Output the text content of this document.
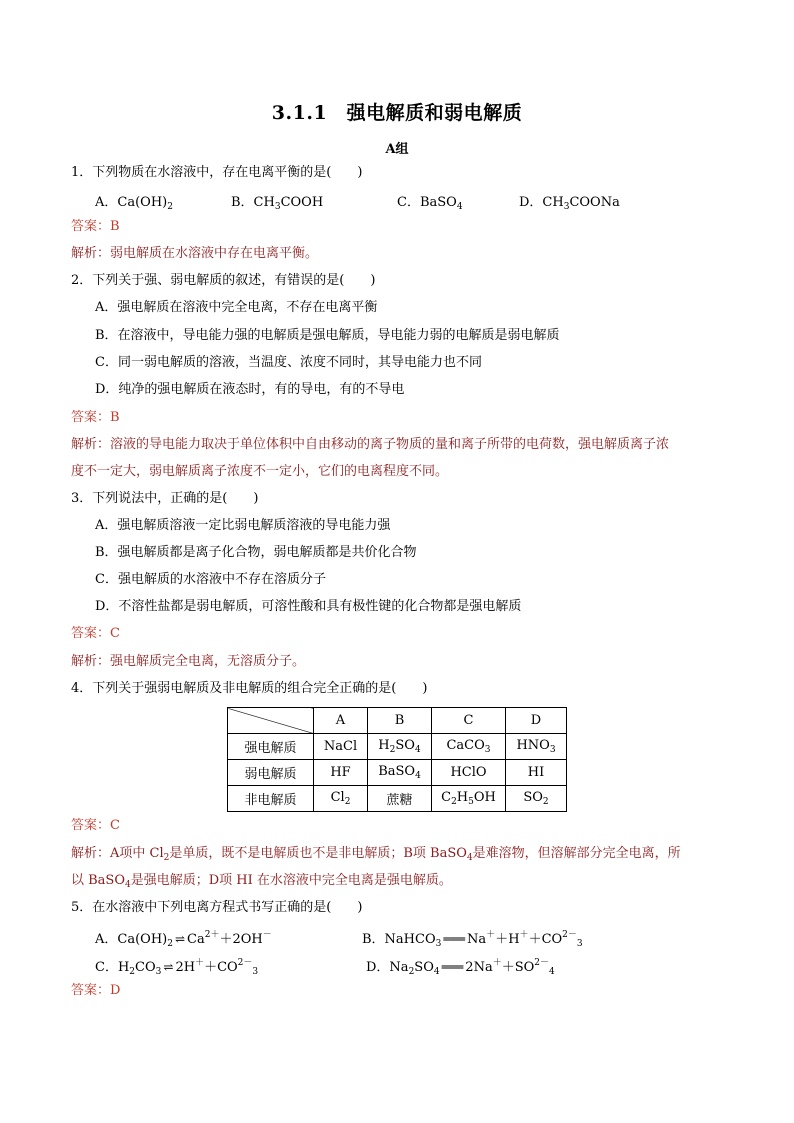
3.1.1　强电解质和弱电解质
A组
1．下列物质在水溶液中，存在电离平衡的是(　　)
A．$Ca(OH)_2$	B．$CH_3COOH$	C．BaSO$_4$	D．$CH_3COONa$
答案：B
解析：弱电解质在水溶液中存在电离平衡。
2．下列关于强、弱电解质的叙述，有错误的是(　　)
A．强电解质在溶液中完全电离，不存在电离平衡
B．在溶液中，导电能力强的电解质是强电解质，导电能力弱的电解质是弱电解质
C．同一弱电解质的溶液，当温度、浓度不同时，其导电能力也不同
D．纯净的强电解质在液态时，有的导电，有的不导电
答案：B
解析：溶液的导电能力取决于单位体积中自由移动的离子物质的量和离子所带的电荷数，强电解质离子浓
度不一定大，弱电解质离子浓度不一定小，它们的电离程度不同。
3．下列说法中，正确的是(　　)
A．强电解质溶液一定比弱电解质溶液的导电能力强
B．强电解质都是离子化合物，弱电解质都是共价化合物
C．强电解质的水溶液中不存在溶质分子
D．不溶性盐都是弱电解质，可溶性酸和具有极性键的化合物都是强电解质
答案：C
解析：强电解质完全电离，无溶质分子。
4．下列关于强弱电解质及非电解质的组合完全正确的是(　　)
	A	B	C	D
强电解质	NaCl	$H_2SO_4$	CaCO$_3$	$HNO_3$
弱电解质	HF	BaSO$_4$	HClO	HI
非电解质	$Cl_2$	蔗糖	$C_2H_5OH$	$SO_2$
答案：C
解析：A项中 $Cl_2$是单质，既不是电解质也不是非电解质；B项 BaSO$_4$是难溶物，但溶解部分完全电离，所
以 BaSO$_4$是强电解质；D项 HI 在水溶液中完全电离是强电解质。
5．在水溶液中下列电离方程式书写正确的是(　　)
A．$Ca(OH)_2$ ⇌ $Ca^{2+}+2OH^-$	B．NaHCO$_3$ ═══ $Na^++H^++CO^{2-}_3$
C．$H_2CO_3$ ⇌ $2H^++CO^{2-}_3$	D．$Na_2SO_4$ ═══ $2Na^++SO^{2-}_4$
答案：D
